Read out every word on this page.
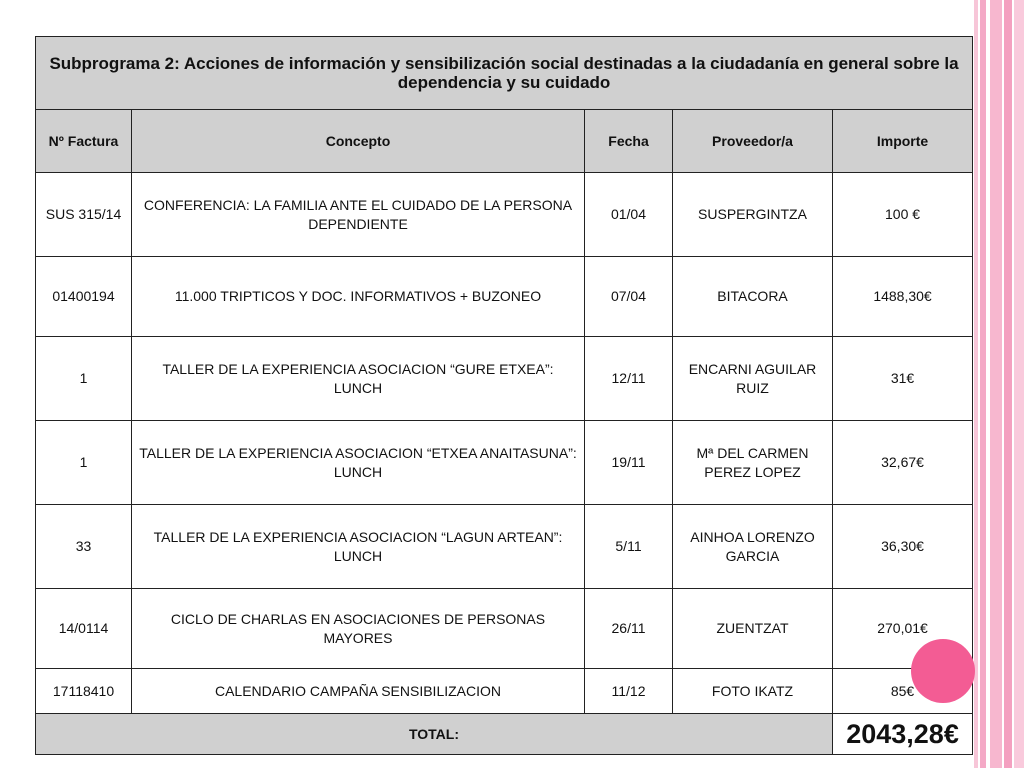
Subprograma 2: Acciones de información y sensibilización social destinadas a la ciudadanía en general sobre la dependencia y su cuidado				
Nº Factura	Concepto	Fecha	Proveedor/a	Importe
SUS 315/14	CONFERENCIA: LA FAMILIA ANTE EL CUIDADO DE LA PERSONA DEPENDIENTE	01/04	SUSPERGINTZA	100 €
01400194	11.000 TRIPTICOS Y DOC. INFORMATIVOS + BUZONEO	07/04	BITACORA	1488,30€
1	TALLER DE LA EXPERIENCIA ASOCIACION “GURE ETXEA”: LUNCH	12/11	ENCARNI AGUILAR RUIZ	31€
1	TALLER DE LA EXPERIENCIA ASOCIACION “ETXEA ANAITASUNA”: LUNCH	19/11	Mª DEL CARMEN PEREZ LOPEZ	32,67€
33	TALLER DE LA EXPERIENCIA ASOCIACION “LAGUN ARTEAN”: LUNCH	5/11	AINHOA LORENZO GARCIA	36,30€
14/0114	CICLO DE CHARLAS EN ASOCIACIONES DE PERSONAS MAYORES	26/11	ZUENTZAT	270,01€
17118410	CALENDARIO CAMPAÑA SENSIBILIZACION	11/12	FOTO IKATZ	85€
TOTAL:				2043,28€
